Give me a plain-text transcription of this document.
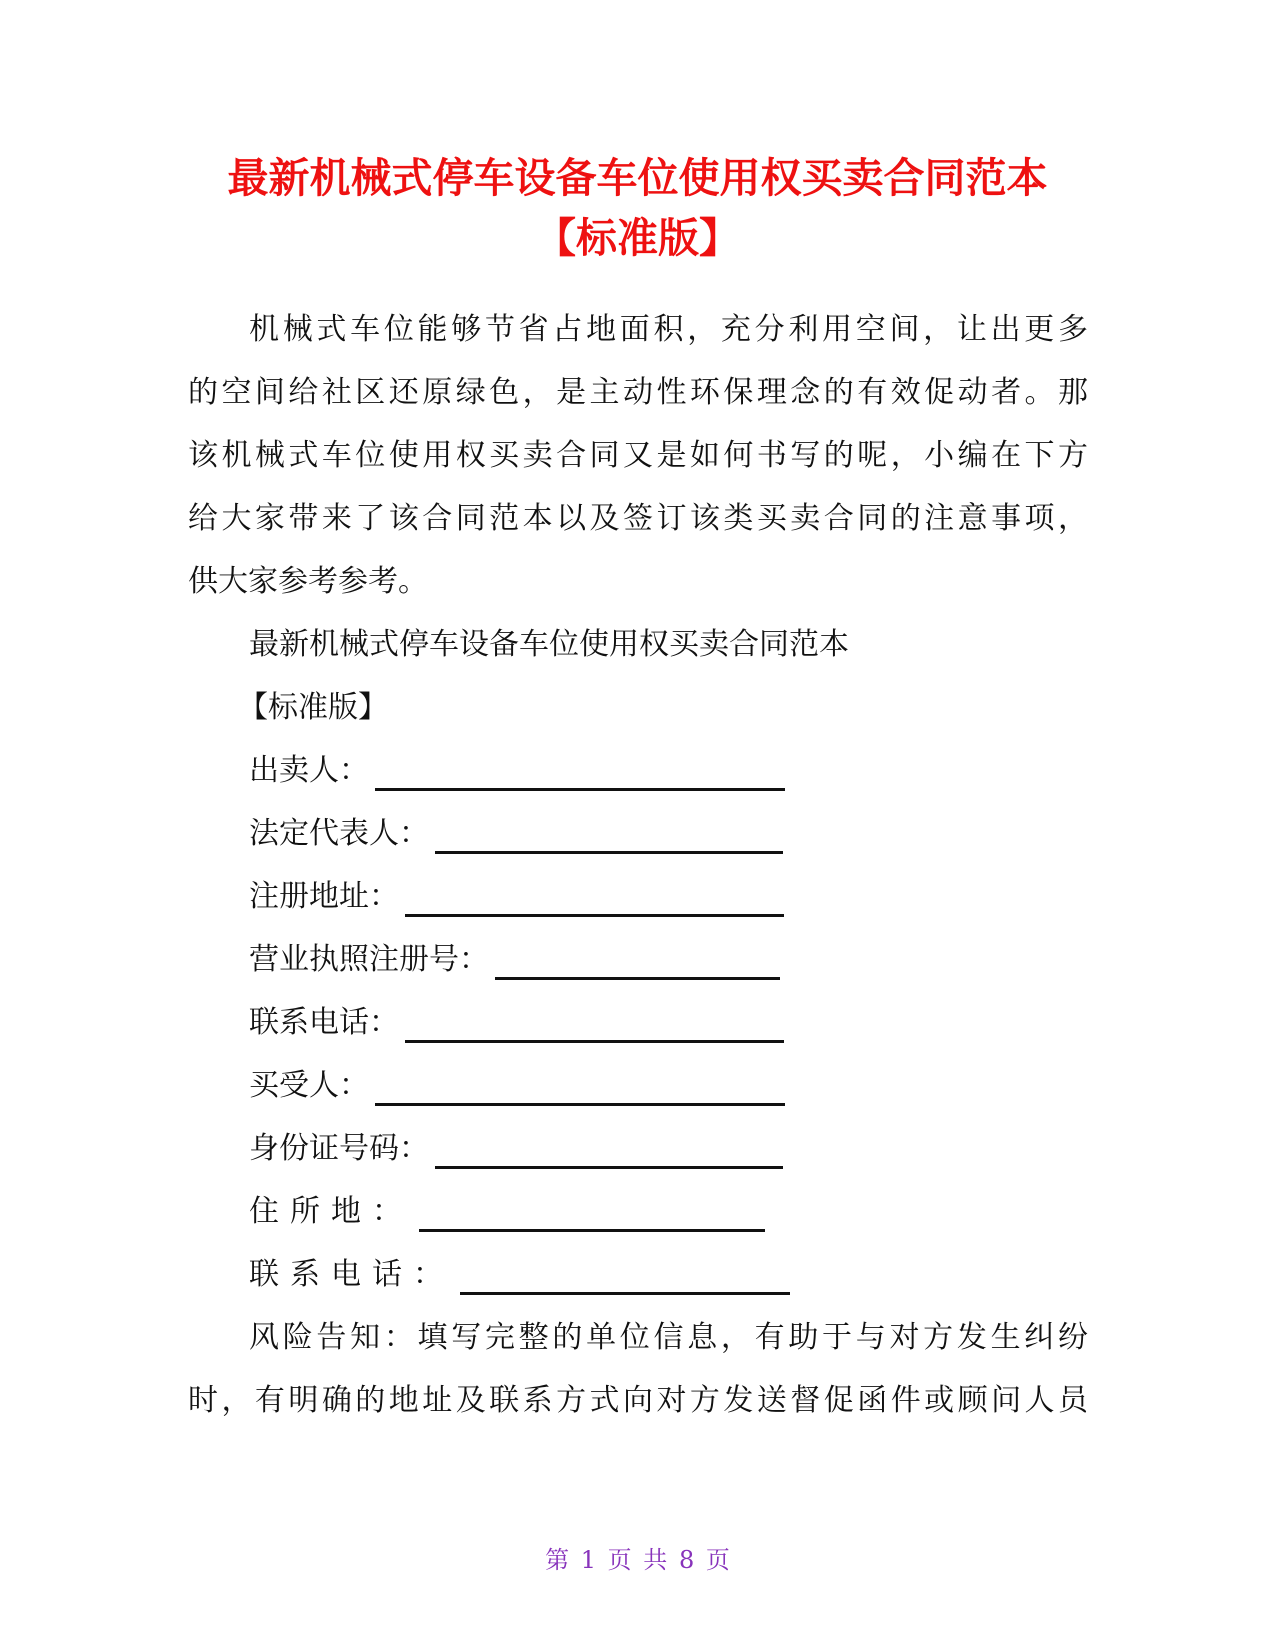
最新机械式停车设备车位使用权买卖合同范本
【标准版】

机械式车位能够节省占地面积，充分利用空间，让出更多

的空间给社区还原绿色，是主动性环保理念的有效促动者。那

该机械式车位使用权买卖合同又是如何书写的呢，小编在下方

给大家带来了该合同范本以及签订该类买卖合同的注意事项，

供大家参考参考。

最新机械式停车设备车位使用权买卖合同范本

【标准版】

出卖人：
法定代表人：
注册地址：
营业执照注册号：
联系电话：
买受人：
身份证号码：
住所地：
联系电话：

风险告知：填写完整的单位信息，有助于与对方发生纠纷

时，有明确的地址及联系方式向对方发送督促函件或顾问人员

第 1 页 共 8 页
